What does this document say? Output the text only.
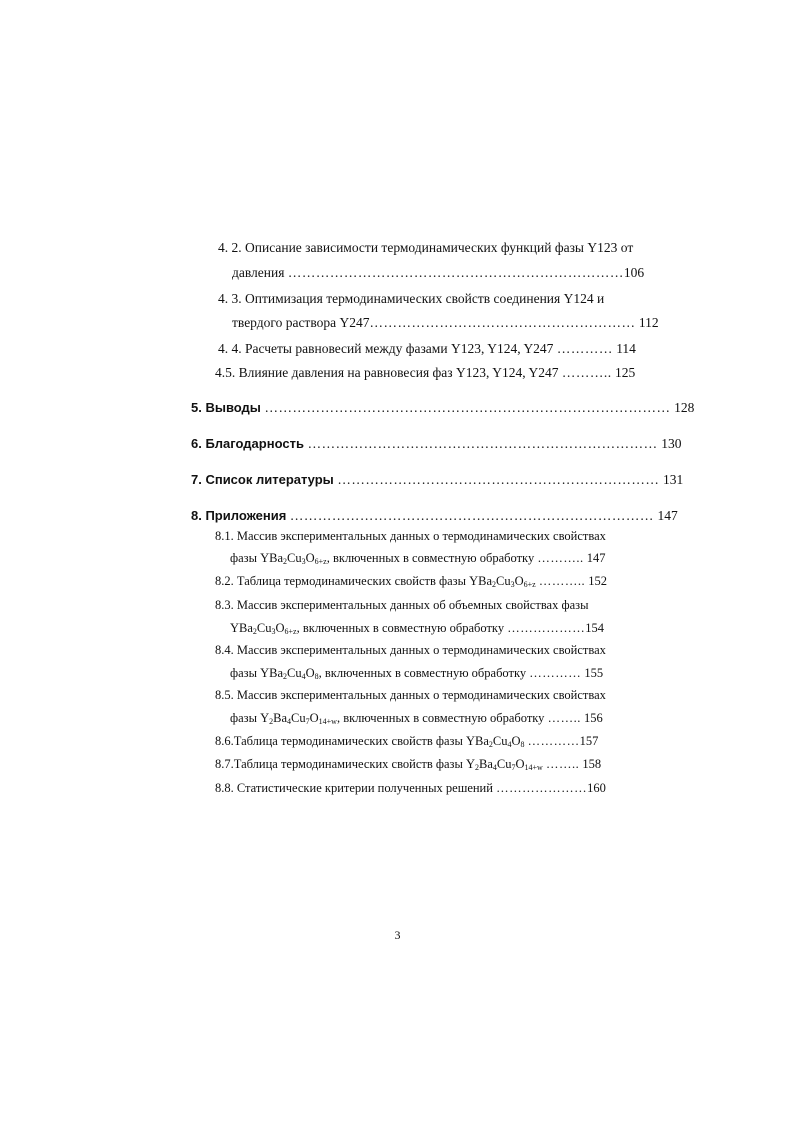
4. 2. Описание зависимости термодинамических функций фазы Y123 от
давления ………………………………………………………………106
4. 3. Оптимизация термодинамических свойств соединения Y124 и
твердого раствора Y247………………………………………………… 112
4. 4. Расчеты равновесий между фазами Y123, Y124, Y247 ………… 114
4.5. Влияние давления на равновесия фаз Y123, Y124, Y247 ……….. 125
5. Выводы …………………………………………………………………………… 128
6. Благодарность ………………………………………………………………… 130
7. Список литературы …………………………………………………………… 131
8. Приложения …………………………………………………………………… 147
8.1. Массив экспериментальных данных о термодинамических свойствах
фазы $YBa_2Cu_3O_{6+z}$, включенных в совместную обработку ……….. 147
8.2. Таблица термодинамических свойств фазы $YBa_2Cu_3O_{6+z}$ ……….. 152
8.3. Массив экспериментальных данных об объемных свойствах фазы
$YBa_2Cu_3O_{6+z}$, включенных в совместную обработку ………………154
8.4. Массив экспериментальных данных о термодинамических свойствах
фазы $YBa_2Cu_4O_8$, включенных в совместную обработку ………… 155
8.5. Массив экспериментальных данных о термодинамических свойствах
фазы $Y_2Ba_4Cu_7O_{14+w}$, включенных в совместную обработку …….. 156
8.6.Таблица термодинамических свойств фазы $YBa_2Cu_4O_8$ …………157
8.7.Таблица термодинамических свойств фазы $Y_2Ba_4Cu_7O_{14+w}$ …….. 158
8.8. Статистические критерии полученных решений …………………160
3
